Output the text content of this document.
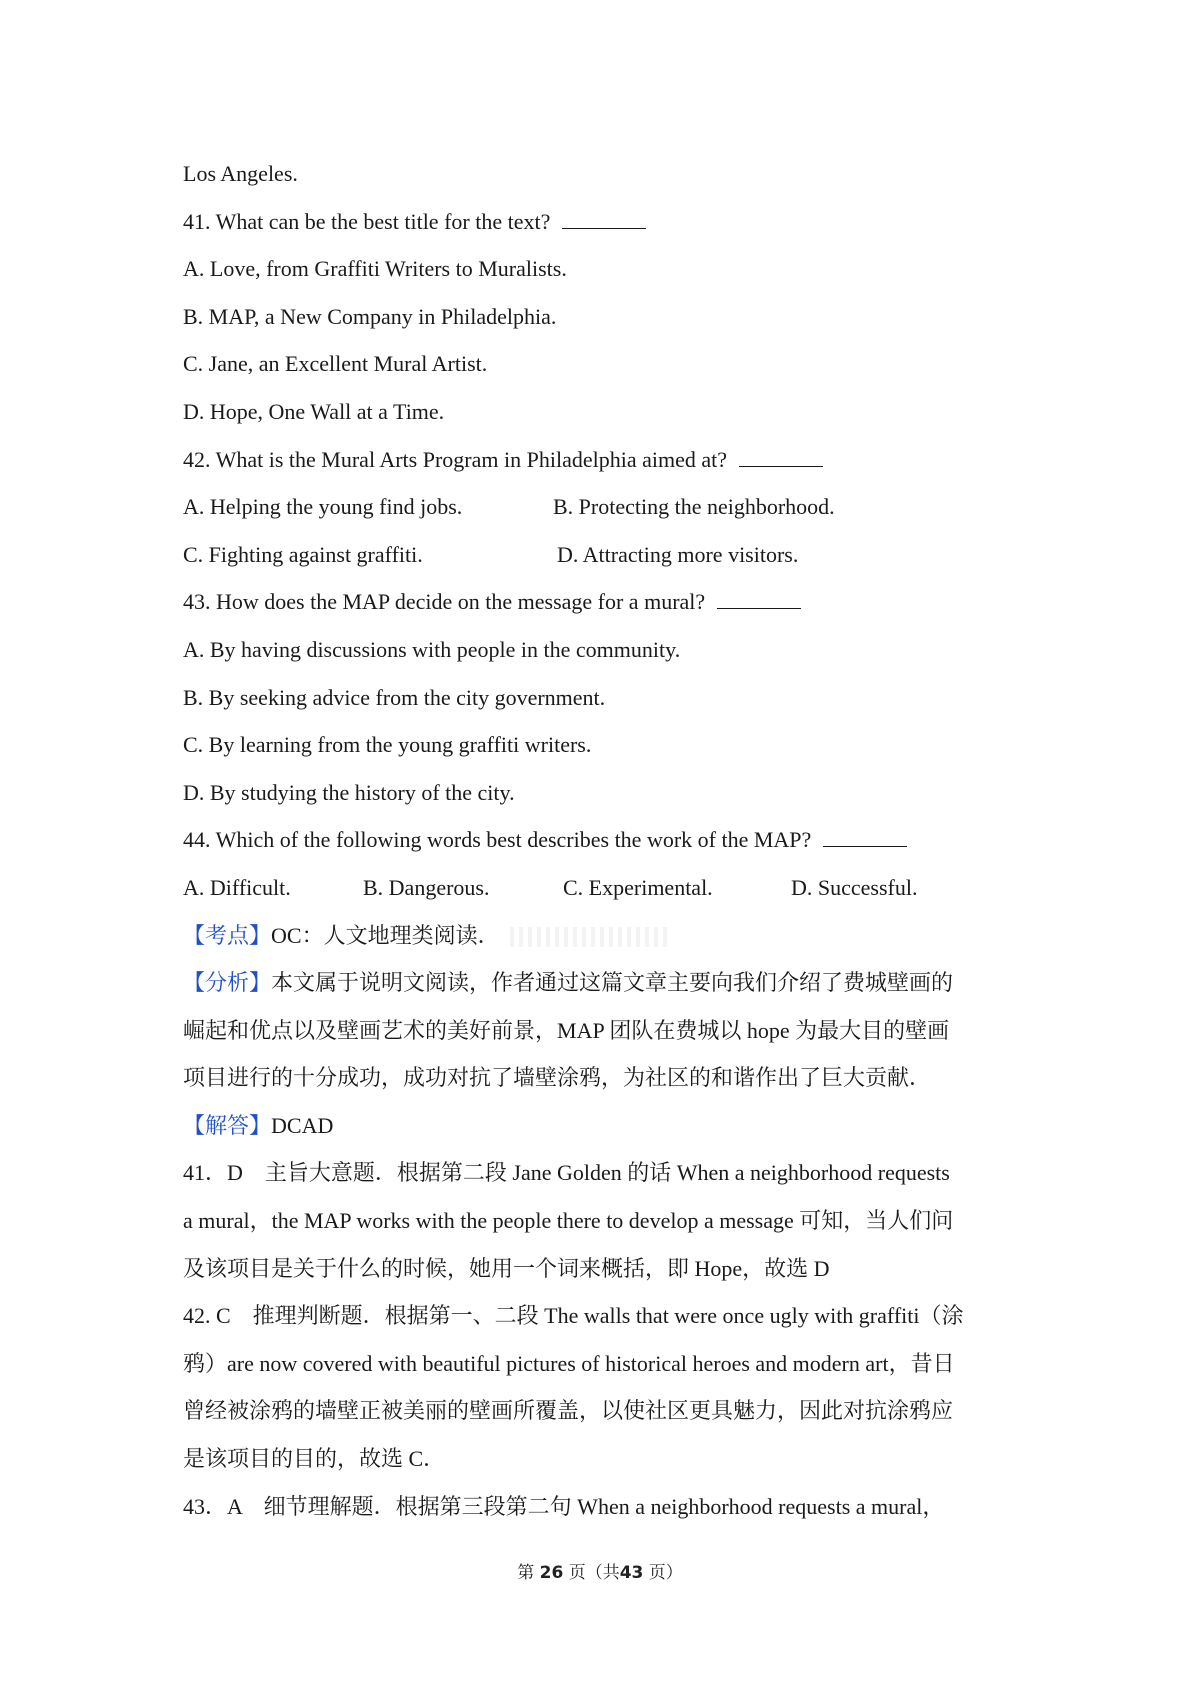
Los Angeles.
41. What can be the best title for the text?
A. Love, from Graffiti Writers to Muralists.
B. MAP, a New Company in Philadelphia.
C. Jane, an Excellent Mural Artist.
D. Hope, One Wall at a Time.
42. What is the Mural Arts Program in Philadelphia aimed at?
A. Helping the young find jobs.	B. Protecting the neighborhood.
C. Fighting against graffiti.	D. Attracting more visitors.
43. How does the MAP decide on the message for a mural?
A. By having discussions with people in the community.
B. By seeking advice from the city government.
C. By learning from the young graffiti writers.
D. By studying the history of the city.
44. Which of the following words best describes the work of the MAP?
A. Difficult.	B. Dangerous.	C. Experimental.	D. Successful.
【考点】OC：人文地理类阅读．
【分析】本文属于说明文阅读，作者通过这篇文章主要向我们介绍了费城壁画的
崛起和优点以及壁画艺术的美好前景，MAP 团队在费城以 hope 为最大目的壁画
项目进行的十分成功，成功对抗了墙壁涂鸦，为社区的和谐作出了巨大贡献．
【解答】DCAD
41．D　主旨大意题．根据第二段 Jane Golden 的话 When a neighborhood requests
a mural，the MAP works with the people there to develop a message 可知，当人们问
及该项目是关于什么的时候，她用一个词来概括，即 Hope，故选 D
42. C　推理判断题．根据第一、二段 The walls that were once ugly with graffiti（涂
鸦）are now covered with beautiful pictures of historical heroes and modern art，昔日
曾经被涂鸦的墙壁正被美丽的壁画所覆盖，以使社区更具魅力，因此对抗涂鸦应
是该项目的目的，故选 C．
43．A　细节理解题．根据第三段第二句 When a neighborhood requests a mural，
第 26 页（共43 页）
